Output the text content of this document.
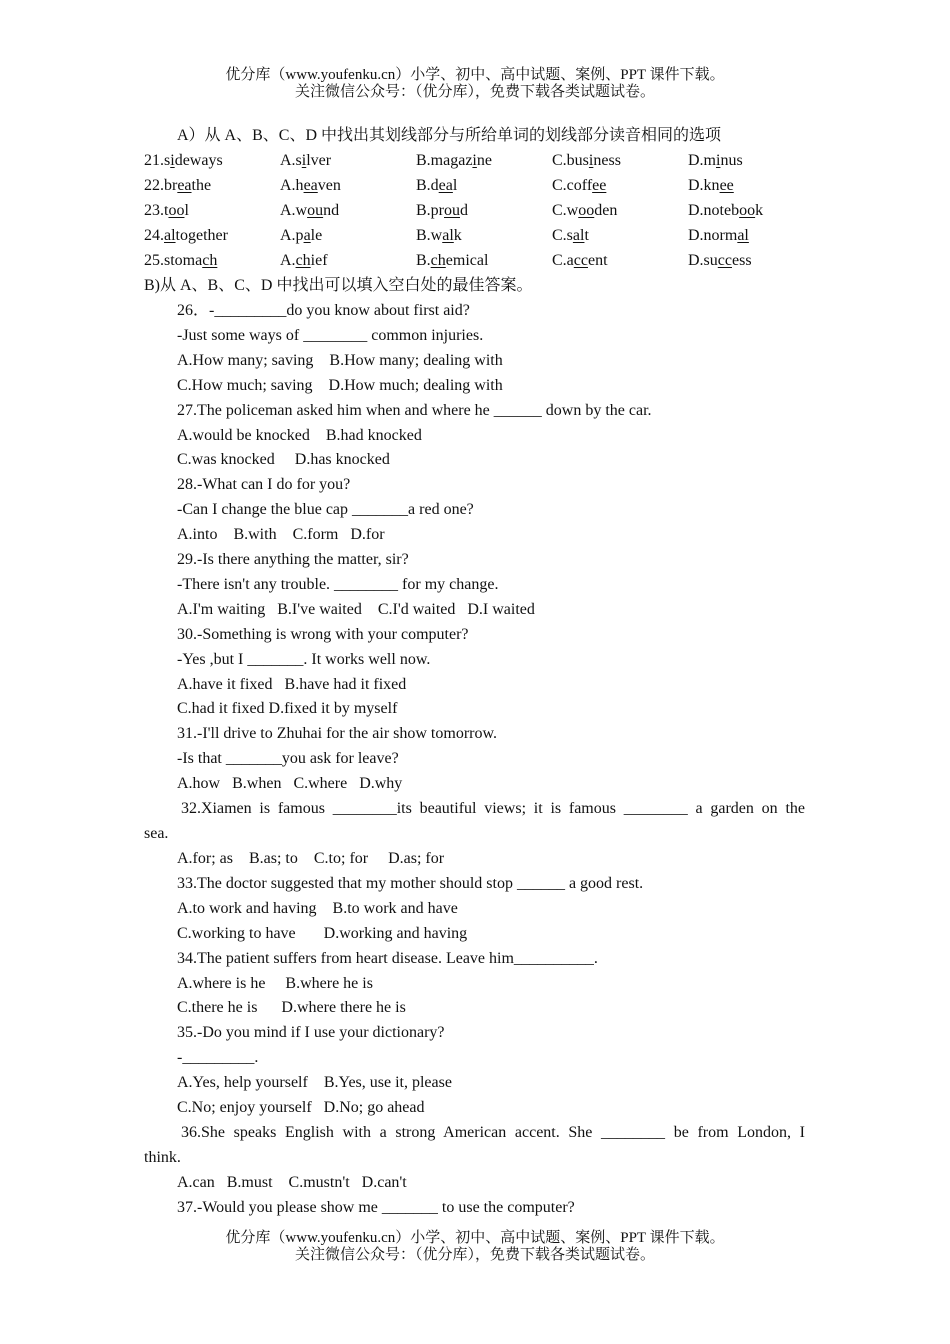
优分库（www.youfenku.cn）小学、初中、高中试题、案例、PPT 课件下载。
关注微信公众号：（优分库），免费下载各类试题试卷。
A）从 A、B、C、D 中找出其划线部分与所给单词的划线部分读音相同的选项
21.sideways	A.silver	B.magazine	C.business	D.minus
22.breathe	A.heaven	B.deal	C.coffee	D.knee
23.tool	A.wound	B.proud	C.wooden	D.notebook
24.altogether	A.pale	B.walk	C.salt	D.normal
25.stomach	A.chief	B.chemical	C.accent	D.success
B)从 A、B、C、D 中找出可以填入空白处的最佳答案。
26．-_________do you know about first aid?
-Just some ways of ________ common injuries.
A.How many; saving    B.How many; dealing with
C.How much; saving    D.How much; dealing with
27.The policeman asked him when and where he ______ down by the car.
A.would be knocked    B.had knocked
C.was knocked     D.has knocked
28.-What can I do for you?
-Can I change the blue cap _______a red one?
A.into    B.with    C.form   D.for
29.-Is there anything the matter, sir?
-There isn't any trouble. ________ for my change.
A.I'm waiting   B.I've waited    C.I'd waited   D.I waited
30.-Something is wrong with your computer?
-Yes ,but I _______. It works well now.
A.have it fixed   B.have had it fixed
C.had it fixed D.fixed it by myself
31.-I'll drive to Zhuhai for the air show tomorrow.
-Is that _______you ask for leave?
A.how   B.when   C.where   D.why
32.Xiamen is famous ________its beautiful views; it is famous ________ a garden on the
sea.
A.for; as    B.as; to    C.to; for     D.as; for
33.The doctor suggested that my mother should stop ______ a good rest.
A.to work and having    B.to work and have
C.working to have       D.working and having
34.The patient suffers from heart disease. Leave him__________.
A.where is he     B.where he is
C.there he is      D.where there he is
35.-Do you mind if I use your dictionary?
-_________.
A.Yes, help yourself    B.Yes, use it, please
C.No; enjoy yourself   D.No; go ahead
36.She speaks English with a strong American accent. She ________ be from London, I
think.
A.can   B.must    C.mustn't   D.can't
37.-Would you please show me _______ to use the computer?
优分库（www.youfenku.cn）小学、初中、高中试题、案例、PPT 课件下载。
关注微信公众号：（优分库），免费下载各类试题试卷。
